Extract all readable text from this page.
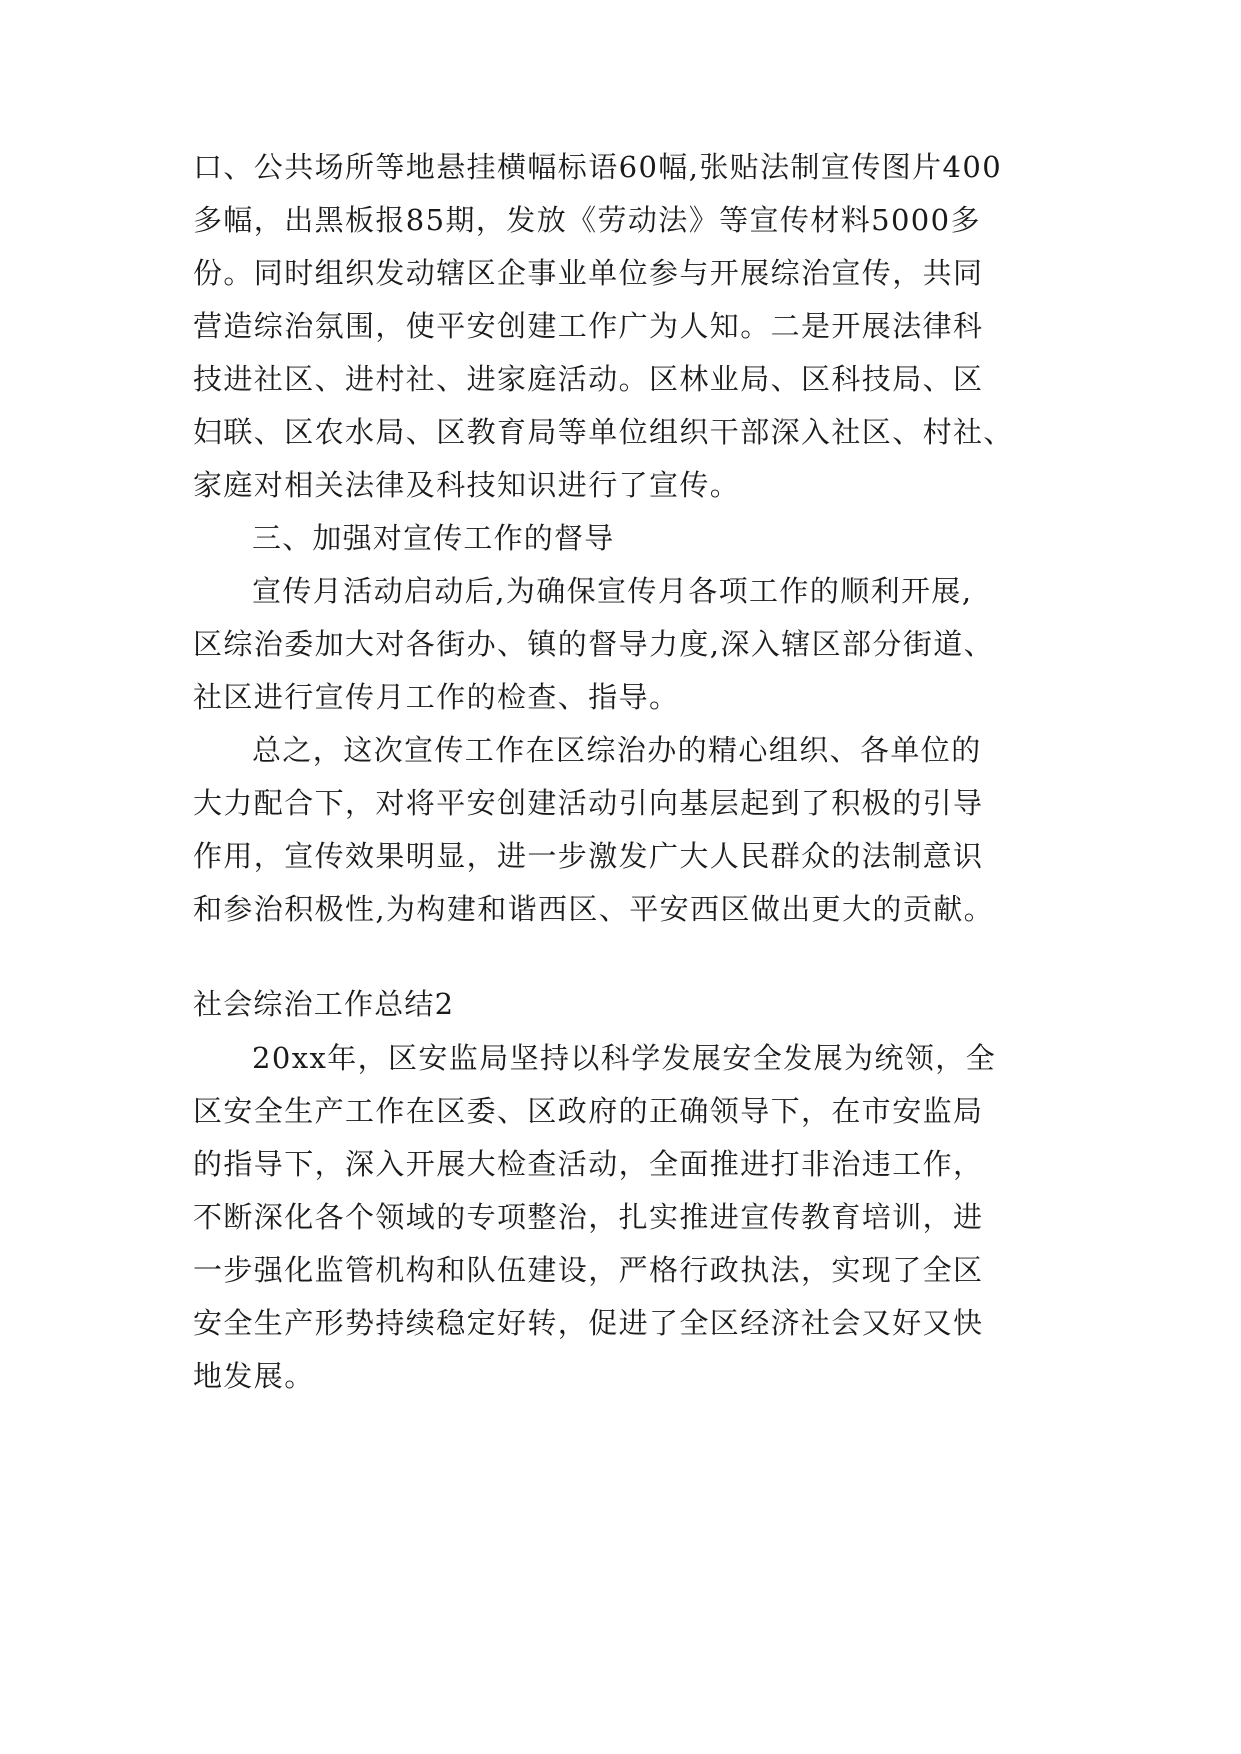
口、公共场所等地悬挂横幅标语60幅,张贴法制宣传图片400
多幅，出黑板报85期，发放《劳动法》等宣传材料5000多
份。同时组织发动辖区企事业单位参与开展综治宣传，共同
营造综治氛围，使平安创建工作广为人知。二是开展法律科
技进社区、进村社、进家庭活动。区林业局、区科技局、区
妇联、区农水局、区教育局等单位组织干部深入社区、村社、
家庭对相关法律及科技知识进行了宣传。
三、加强对宣传工作的督导
宣传月活动启动后,为确保宣传月各项工作的顺利开展,
区综治委加大对各街办、镇的督导力度,深入辖区部分街道、
社区进行宣传月工作的检查、指导。
总之，这次宣传工作在区综治办的精心组织、各单位的
大力配合下，对将平安创建活动引向基层起到了积极的引导
作用，宣传效果明显，进一步激发广大人民群众的法制意识
和参治积极性,为构建和谐西区、平安西区做出更大的贡献。
社会综治工作总结2
20xx年，区安监局坚持以科学发展安全发展为统领，全
区安全生产工作在区委、区政府的正确领导下，在市安监局
的指导下，深入开展大检查活动，全面推进打非治违工作，
不断深化各个领域的专项整治，扎实推进宣传教育培训，进
一步强化监管机构和队伍建设，严格行政执法，实现了全区
安全生产形势持续稳定好转，促进了全区经济社会又好又快
地发展。
